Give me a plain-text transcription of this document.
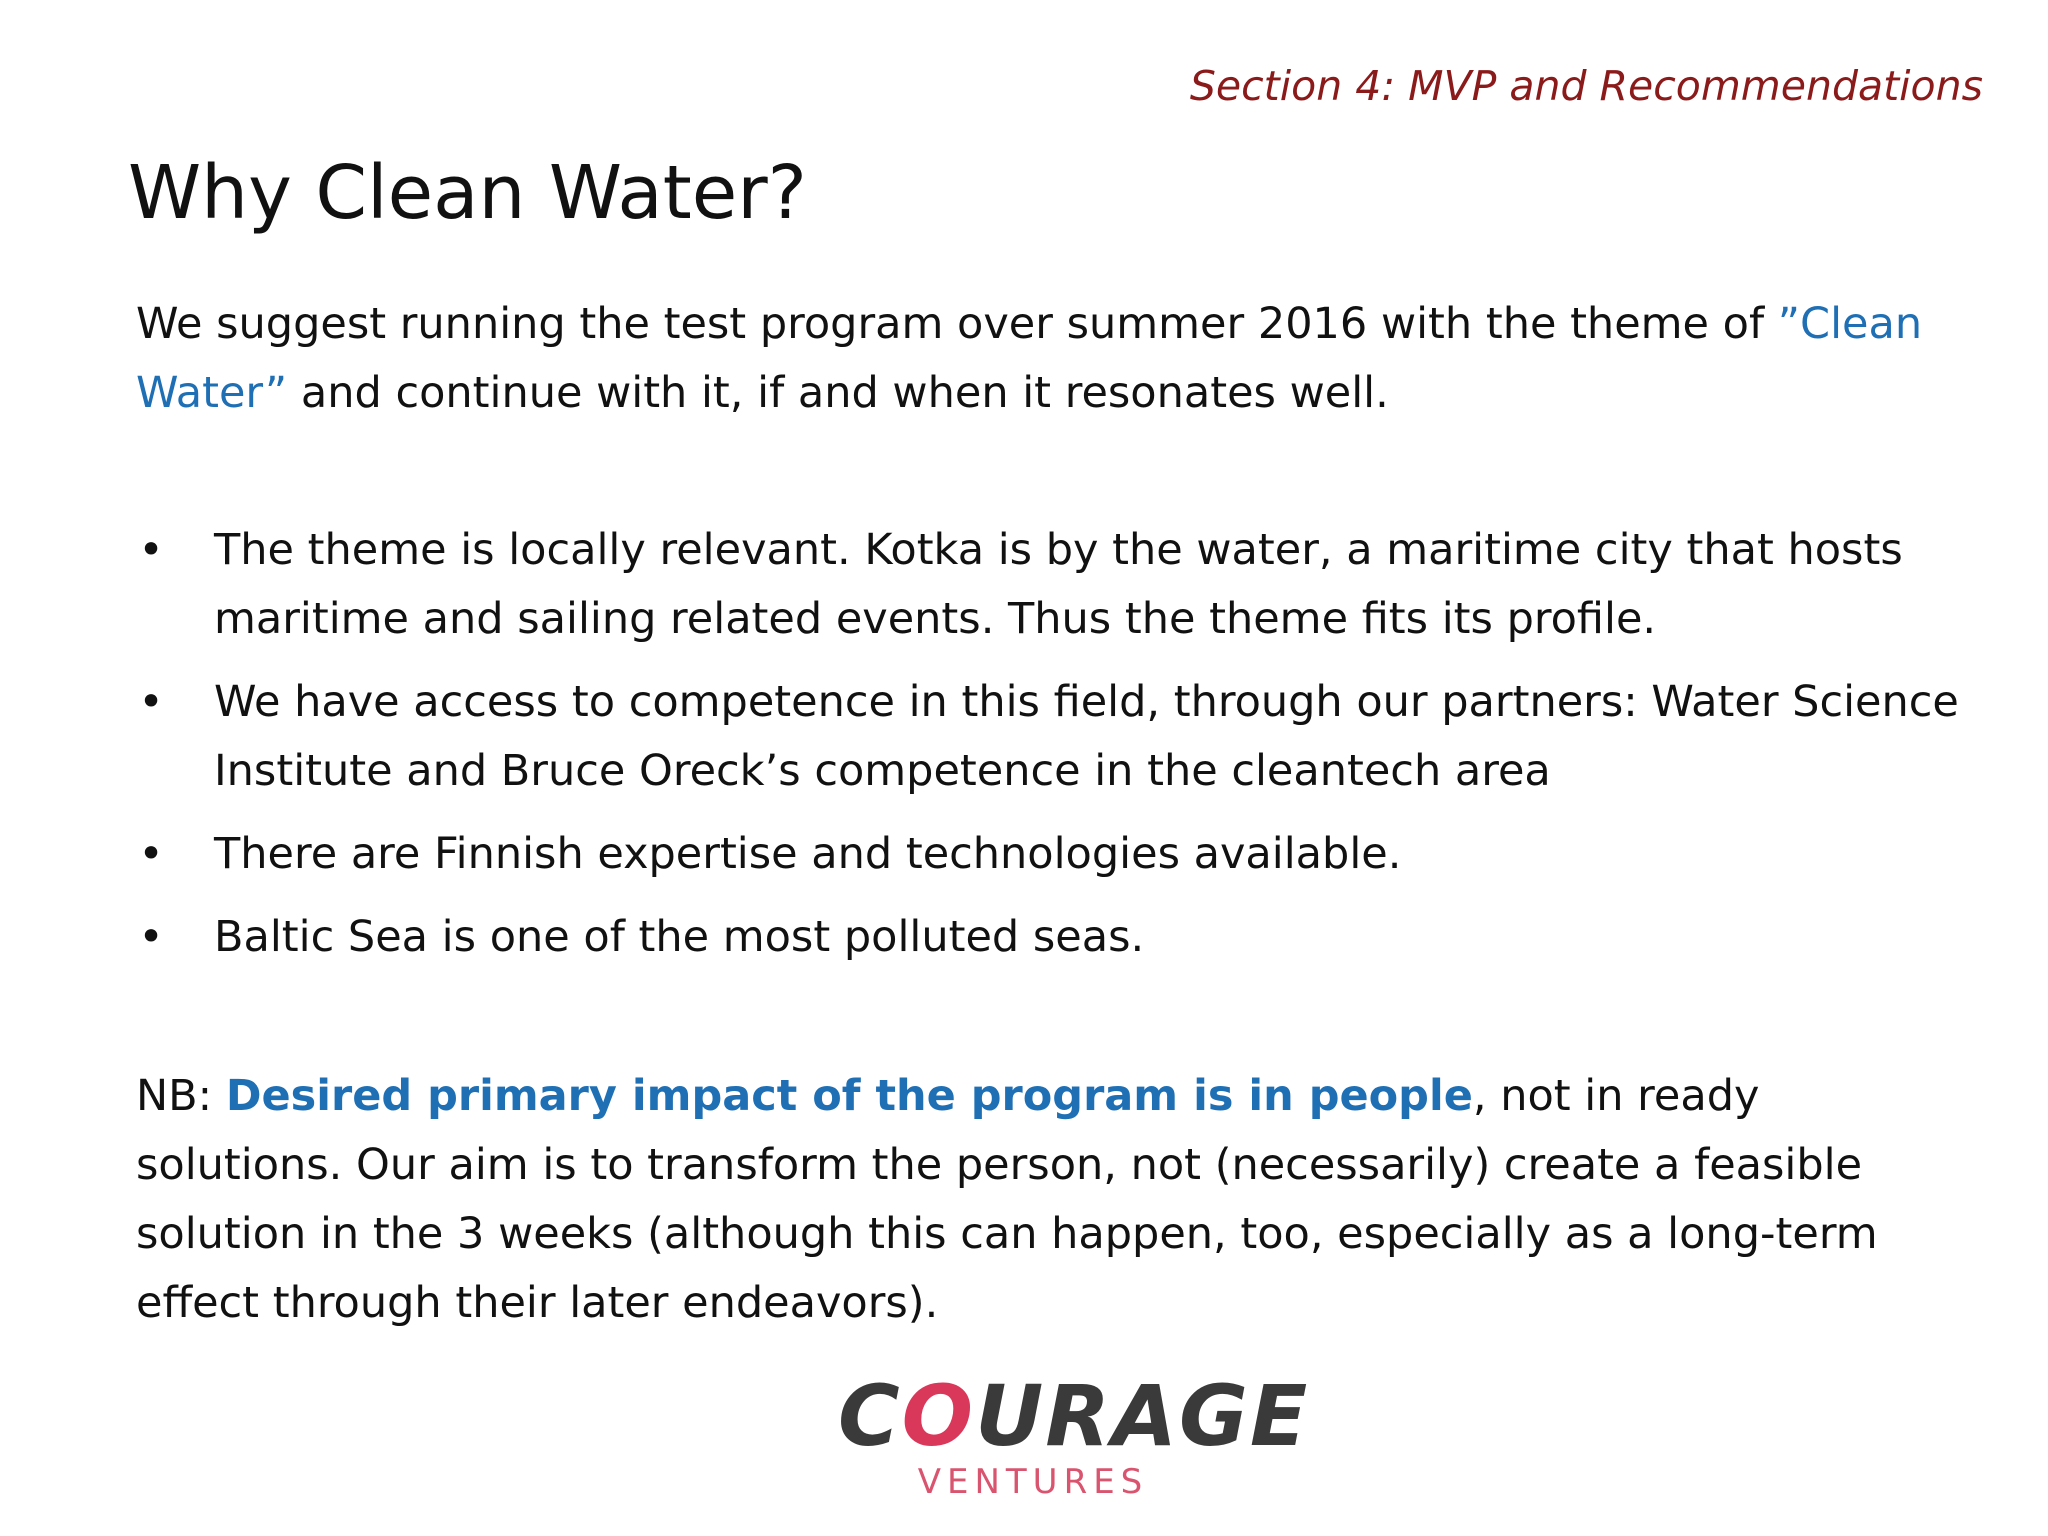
Section 4: MVP and Recommendations
Why Clean Water?
We suggest running the test program over summer 2016 with the theme of ”Clean Water” and continue with it, if and when it resonates well.
• The theme is locally relevant. Kotka is by the water, a maritime city that hosts maritime and sailing related events. Thus the theme fits its profile.
• We have access to competence in this field, through our partners: Water Science Institute and Bruce Oreck’s competence in the cleantech area
• There are Finnish expertise and technologies available.
• Baltic Sea is one of the most polluted seas.
NB: Desired primary impact of the program is in people, not in ready solutions. Our aim is to transform the person, not (necessarily) create a feasible solution in the 3 weeks (although this can happen, too, especially as a long-term effect through their later endeavors).
COURAGE
VENTURES
